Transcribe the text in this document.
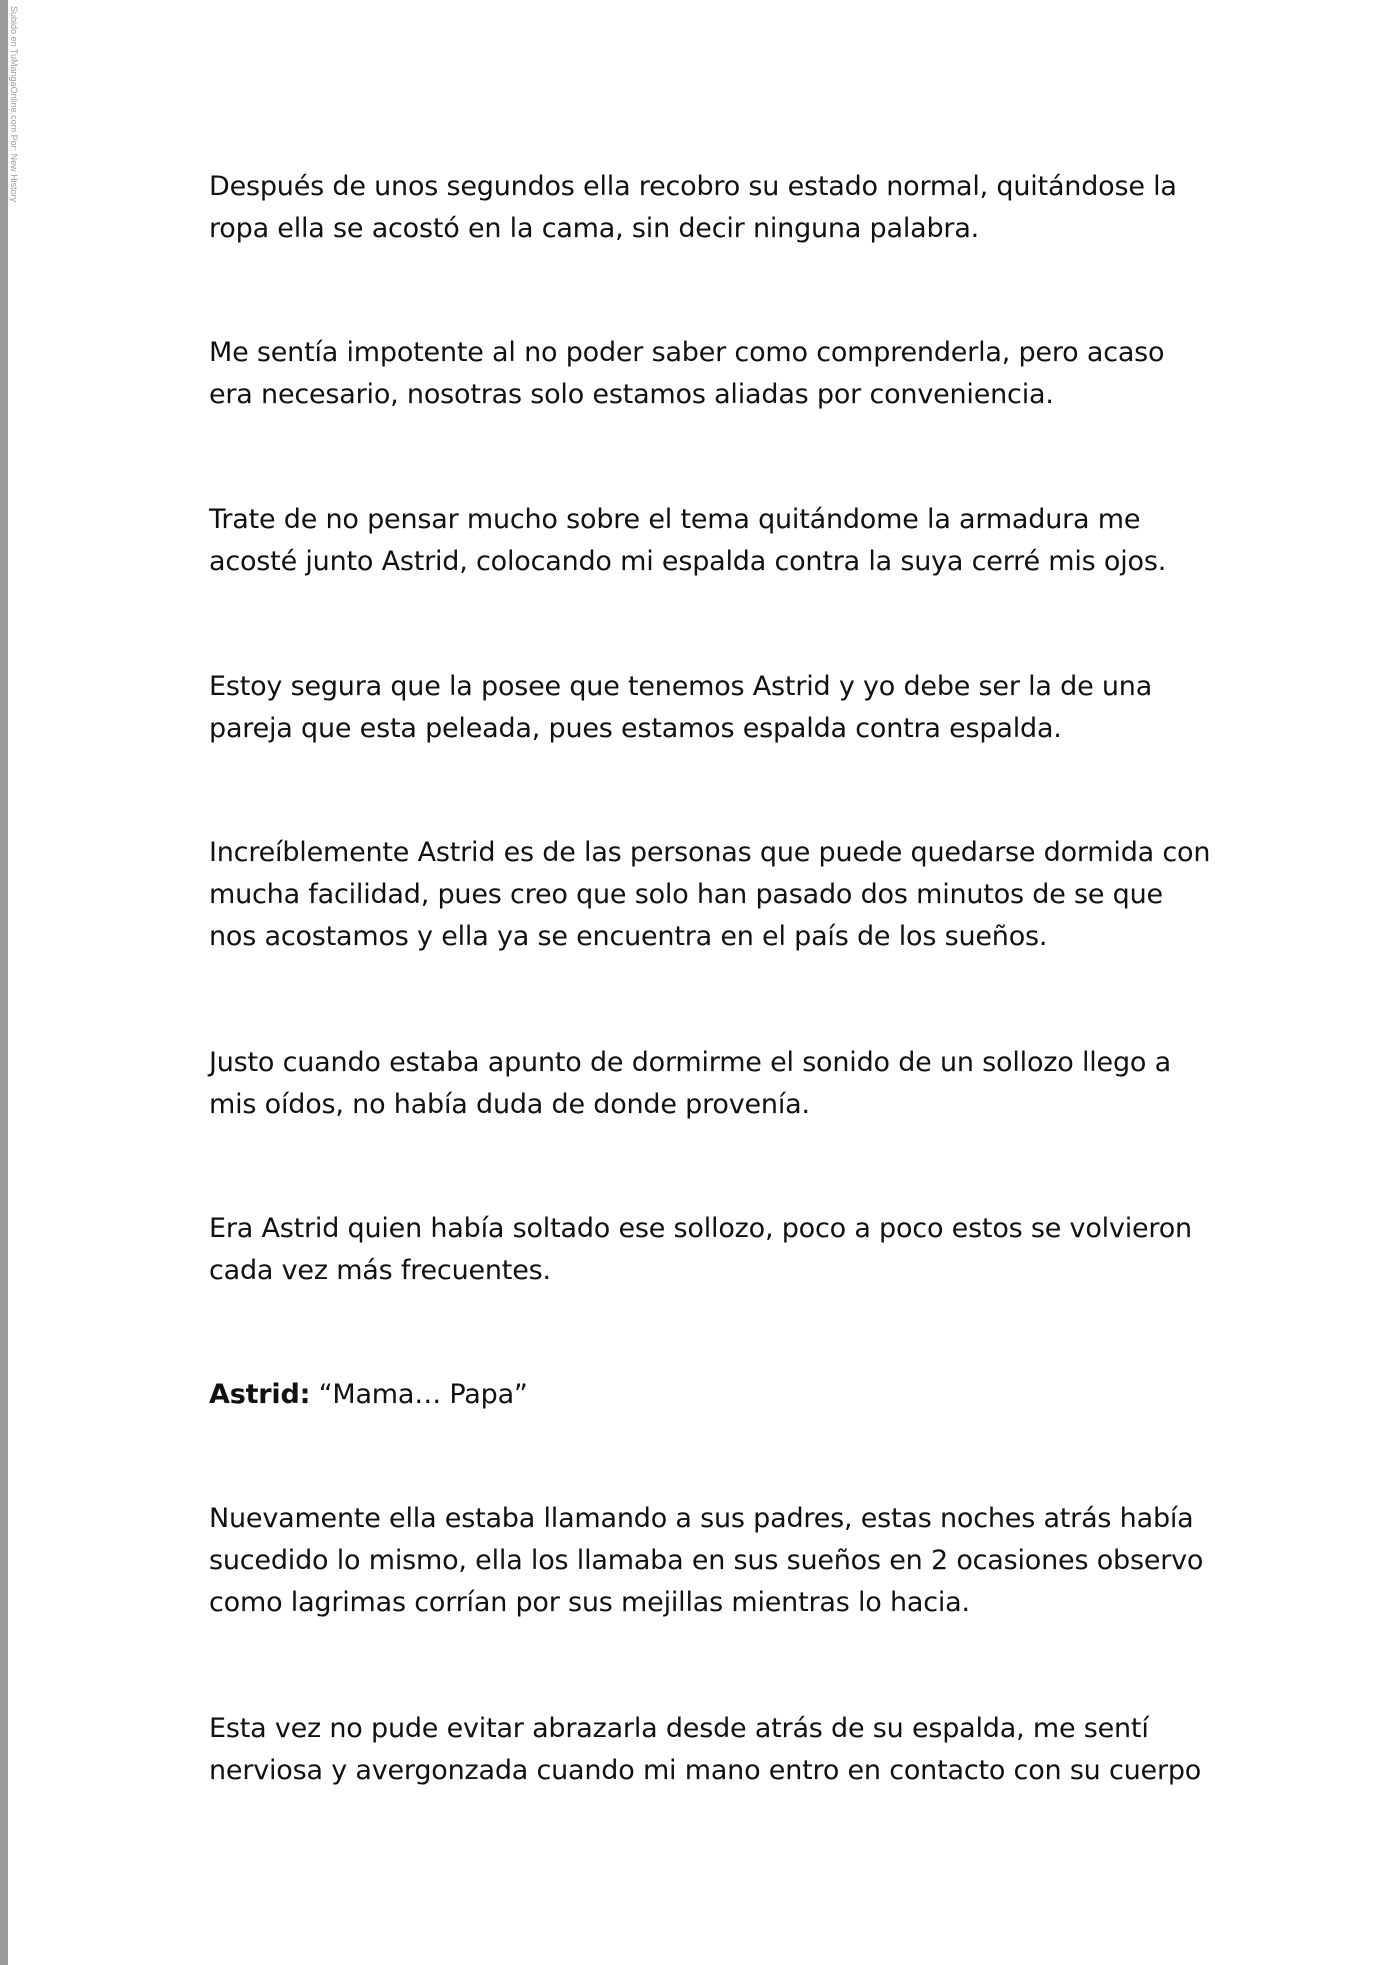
Subido en TuMangaOnline.com Por: New History	Después de unos segundos ella recobro su estado normal, quitándose la
ropa ella se acostó en la cama, sin decir ninguna palabra.

Me sentía impotente al no poder saber como comprenderla, pero acaso
era necesario, nosotras solo estamos aliadas por conveniencia.

Trate de no pensar mucho sobre el tema quitándome la armadura me
acosté junto Astrid, colocando mi espalda contra la suya cerré mis ojos.

Estoy segura que la posee que tenemos Astrid y yo debe ser la de una
pareja que esta peleada, pues estamos espalda contra espalda.

Increíblemente Astrid es de las personas que puede quedarse dormida con
mucha facilidad, pues creo que solo han pasado dos minutos de se que
nos acostamos y ella ya se encuentra en el país de los sueños.

Justo cuando estaba apunto de dormirme el sonido de un sollozo llego a
mis oídos, no había duda de donde provenía.

Era Astrid quien había soltado ese sollozo, poco a poco estos se volvieron
cada vez más frecuentes.

Astrid: “Mama… Papa”

Nuevamente ella estaba llamando a sus padres, estas noches atrás había
sucedido lo mismo, ella los llamaba en sus sueños en 2 ocasiones observo
como lagrimas corrían por sus mejillas mientras lo hacia.

Esta vez no pude evitar abrazarla desde atrás de su espalda, me sentí
nerviosa y avergonzada cuando mi mano entro en contacto con su cuerpo
